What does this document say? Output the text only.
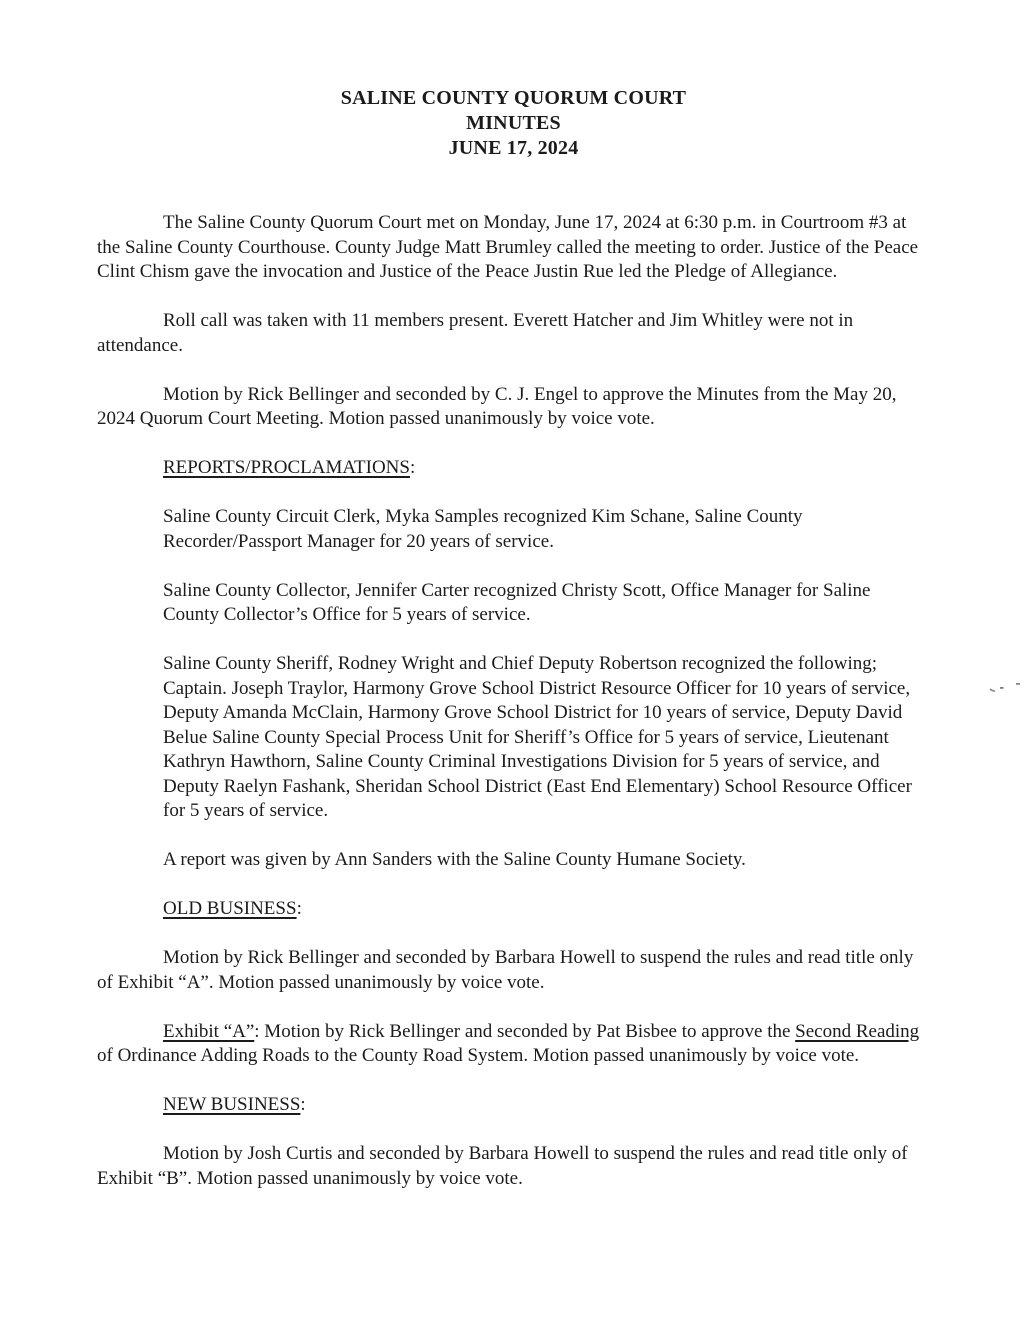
SALINE COUNTY QUORUM COURT
MINUTES
JUNE 17, 2024

The Saline County Quorum Court met on Monday, June 17, 2024 at 6:30 p.m. in Courtroom #3 at the Saline County Courthouse. County Judge Matt Brumley called the meeting to order. Justice of the Peace Clint Chism gave the invocation and Justice of the Peace Justin Rue led the Pledge of Allegiance.

Roll call was taken with 11 members present. Everett Hatcher and Jim Whitley were not in attendance.

Motion by Rick Bellinger and seconded by C. J. Engel to approve the Minutes from the May 20, 2024 Quorum Court Meeting. Motion passed unanimously by voice vote.

REPORTS/PROCLAMATIONS:

Saline County Circuit Clerk, Myka Samples recognized Kim Schane, Saline County Recorder/Passport Manager for 20 years of service.

Saline County Collector, Jennifer Carter recognized Christy Scott, Office Manager for Saline County Collector’s Office for 5 years of service.

Saline County Sheriff, Rodney Wright and Chief Deputy Robertson recognized the following; Captain. Joseph Traylor, Harmony Grove School District Resource Officer for 10 years of service, Deputy Amanda McClain, Harmony Grove School District for 10 years of service, Deputy David Belue Saline County Special Process Unit for Sheriff’s Office for 5 years of service, Lieutenant Kathryn Hawthorn, Saline County Criminal Investigations Division for 5 years of service, and Deputy Raelyn Fashank, Sheridan School District (East End Elementary) School Resource Officer for 5 years of service.

A report was given by Ann Sanders with the Saline County Humane Society.

OLD BUSINESS:

Motion by Rick Bellinger and seconded by Barbara Howell to suspend the rules and read title only of Exhibit “A”. Motion passed unanimously by voice vote.

Exhibit “A”: Motion by Rick Bellinger and seconded by Pat Bisbee to approve the Second Reading of Ordinance Adding Roads to the County Road System. Motion passed unanimously by voice vote.

NEW BUSINESS:

Motion by Josh Curtis and seconded by Barbara Howell to suspend the rules and read title only of Exhibit “B”. Motion passed unanimously by voice vote.
